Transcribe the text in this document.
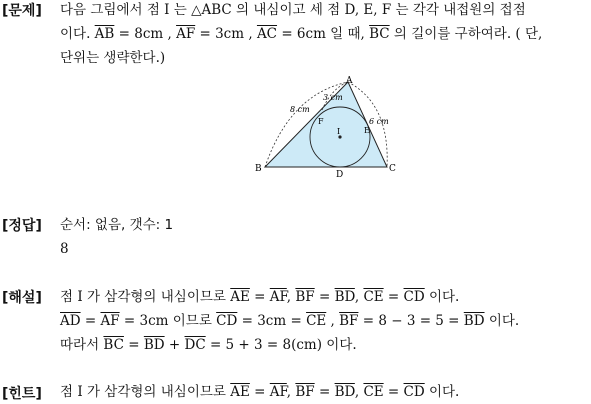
[문제] 다음 그림에서 점 I 는 △ABC 의 내심이고 세 점 D, E, F 는 각각 내접원의 접점
이다. $\overline{AB} = 8cm$ , $\overline{AF} = 3cm$ , $\overline{AC} = 6cm$ 일 때, $\overline{BC}$ 의 길이를 구하여라. ( 단,
단위는 생략한다.)
A
B	C
D
E
F
I
8 cm
3 cm
6 cm
[정답] 순서: 없음, 갯수: 1
8
[해설] 점 I 가 삼각형의 내심이므로 $\overline{AE} = \overline{AF}$, $\overline{BF} = \overline{BD}$, $\overline{CE} = \overline{CD}$ 이다.
$\overline{AD} = \overline{AF} = 3cm$ 이므로 $\overline{CD} = 3cm = \overline{CE}$ , $\overline{BF} = 8 - 3 = 5 = \overline{BD}$ 이다.
따라서 $\overline{BC} = \overline{BD} + \overline{DC} = 5 + 3 = 8(cm)$ 이다.
[힌트] 점 I 가 삼각형의 내심이므로 $\overline{AE} = \overline{AF}$, $\overline{BF} = \overline{BD}$, $\overline{CE} = \overline{CD}$ 이다.
